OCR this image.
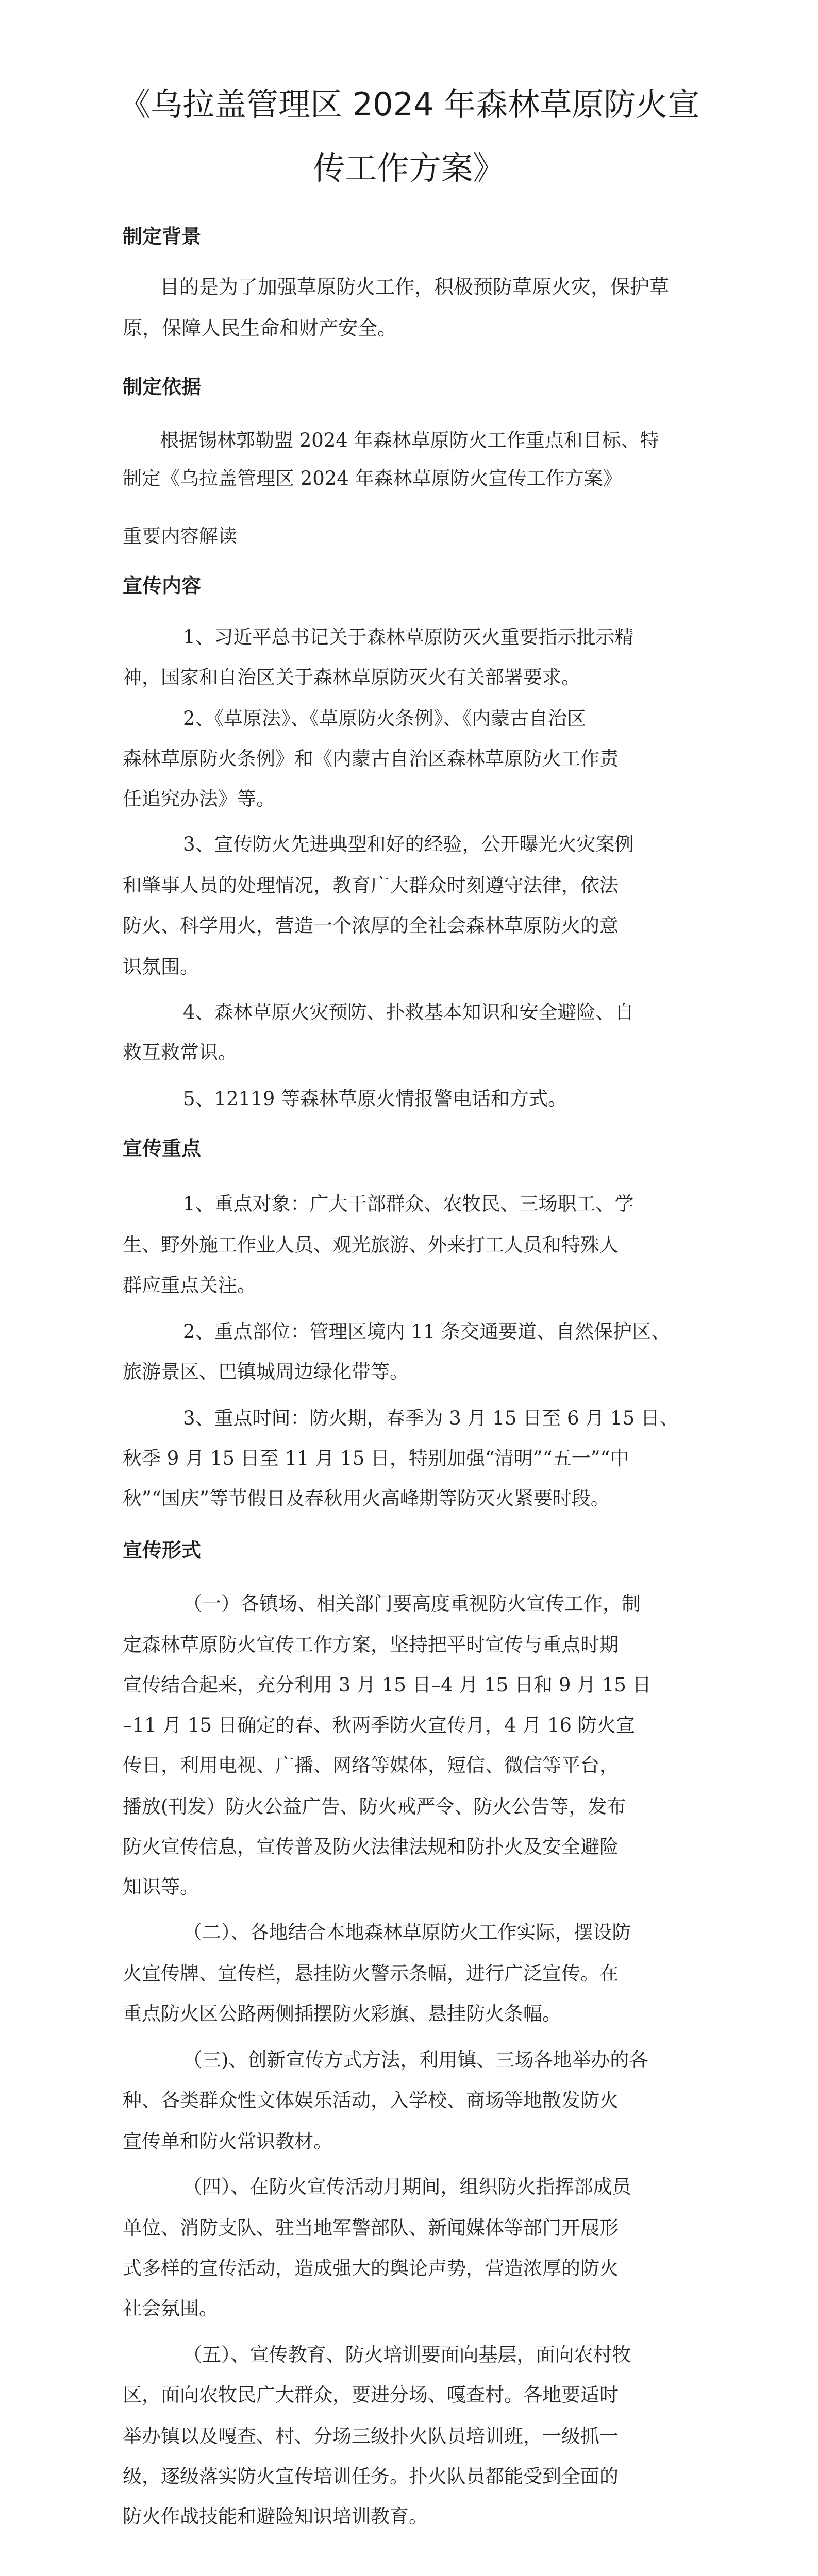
《乌拉盖管理区 2024 年森林草原防火宣
传工作方案》
制定背景
目的是为了加强草原防火工作，积极预防草原火灾，保护草
原，保障人民生命和财产安全。
制定依据
根据锡林郭勒盟 2024 年森林草原防火工作重点和目标、特
制定《乌拉盖管理区 2024 年森林草原防火宣传工作方案》
重要内容解读
宣传内容
1、习近平总书记关于森林草原防灭火重要指示批示精
神，国家和自治区关于森林草原防灭火有关部署要求。
2、《草原法》、《草原防火条例》、《内蒙古自治区
森林草原防火条例》和《内蒙古自治区森林草原防火工作责
任追究办法》等。
3、宣传防火先进典型和好的经验，公开曝光火灾案例
和肇事人员的处理情况，教育广大群众时刻遵守法律，依法
防火、科学用火，营造一个浓厚的全社会森林草原防火的意
识氛围。
4、森林草原火灾预防、扑救基本知识和安全避险、自
救互救常识。
5、12119 等森林草原火情报警电话和方式。
宣传重点
1、重点对象：广大干部群众、农牧民、三场职工、学
生、野外施工作业人员、观光旅游、外来打工人员和特殊人
群应重点关注。
2、重点部位：管理区境内 11 条交通要道、自然保护区、
旅游景区、巴镇城周边绿化带等。
3、重点时间：防火期，春季为 3 月 15 日至 6 月 15 日、
秋季 9 月 15 日至 11 月 15 日，特别加强“清明”“五一”“中
秋”“国庆”等节假日及春秋用火高峰期等防灭火紧要时段。
宣传形式
（一）各镇场、相关部门要高度重视防火宣传工作，制
定森林草原防火宣传工作方案，坚持把平时宣传与重点时期
宣传结合起来，充分利用 3 月 15 日–4 月 15 日和 9 月 15 日
–11 月 15 日确定的春、秋两季防火宣传月，4 月 16 防火宣
传日，利用电视、广播、网络等媒体，短信、微信等平台，
播放(刊发）防火公益广告、防火戒严令、防火公告等，发布
防火宣传信息，宣传普及防火法律法规和防扑火及安全避险
知识等。
（二）、各地结合本地森林草原防火工作实际，摆设防
火宣传牌、宣传栏，悬挂防火警示条幅，进行广泛宣传。在
重点防火区公路两侧插摆防火彩旗、悬挂防火条幅。
（三)、创新宣传方式方法，利用镇、三场各地举办的各
种、各类群众性文体娱乐活动，入学校、商场等地散发防火
宣传单和防火常识教材。
（四）、在防火宣传活动月期间，组织防火指挥部成员
单位、消防支队、驻当地军警部队、新闻媒体等部门开展形
式多样的宣传活动，造成强大的舆论声势，营造浓厚的防火
社会氛围。
（五）、宣传教育、防火培训要面向基层，面向农村牧
区，面向农牧民广大群众，要进分场、嘎查村。各地要适时
举办镇以及嘎查、村、分场三级扑火队员培训班，一级抓一
级，逐级落实防火宣传培训任务。扑火队员都能受到全面的
防火作战技能和避险知识培训教育。
